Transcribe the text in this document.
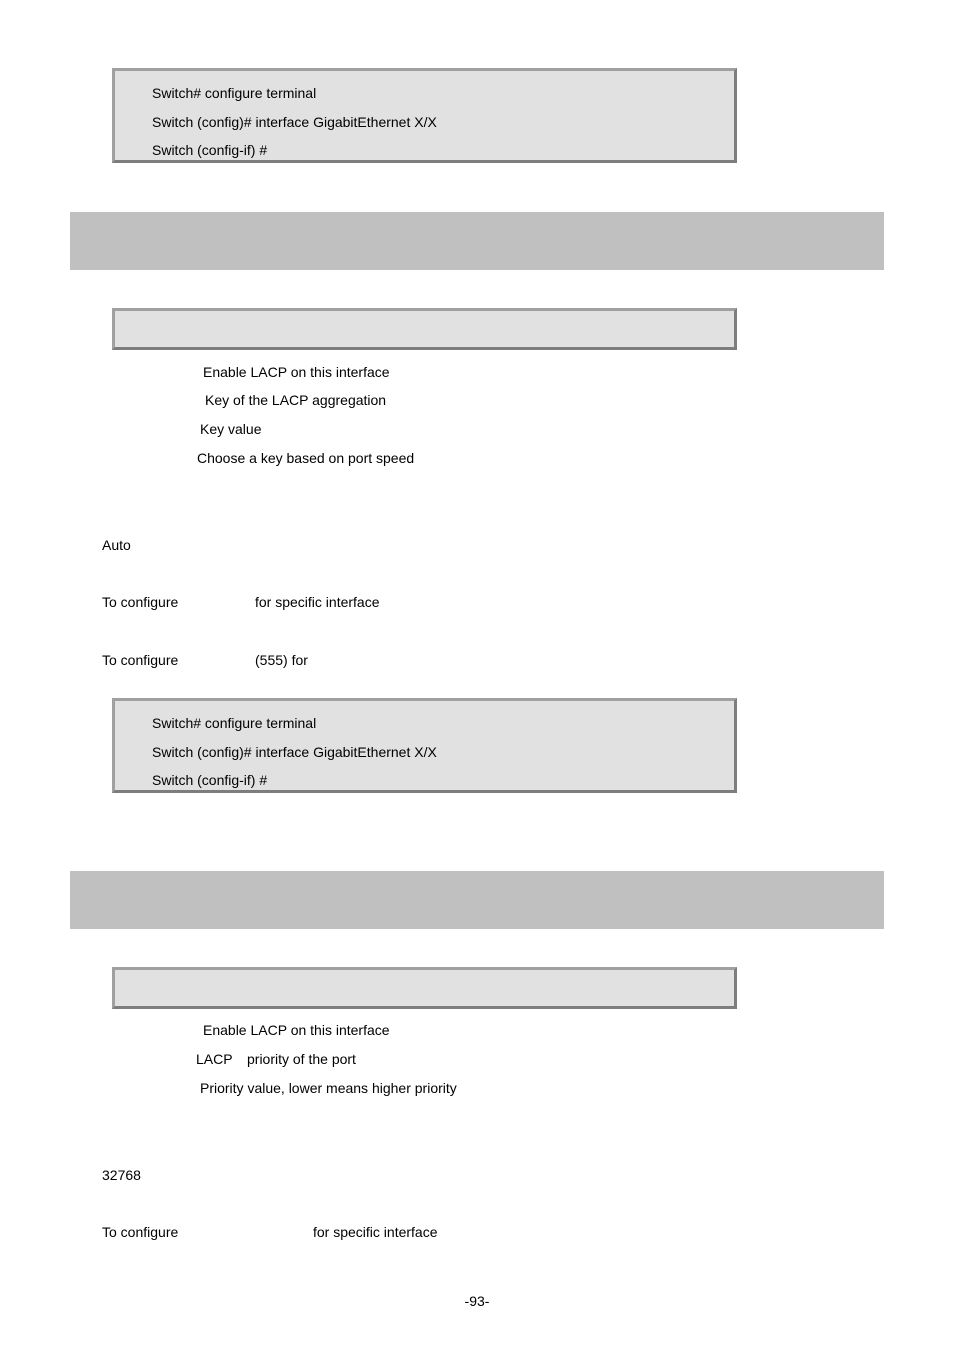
Switch# configure terminal
Switch (config)# interface GigabitEthernet X/X
Switch (config-if) #
Enable LACP on this interface
Key of the LACP aggregation
Key value
Choose a key based on port speed
Auto
To configure	for specific interface
To configure	(555) for
Switch# configure terminal
Switch (config)# interface GigabitEthernet X/X
Switch (config-if) #
Enable LACP on this interface
LACP priority of the port
Priority value, lower means higher priority
32768
To configure	for specific interface
-93-
